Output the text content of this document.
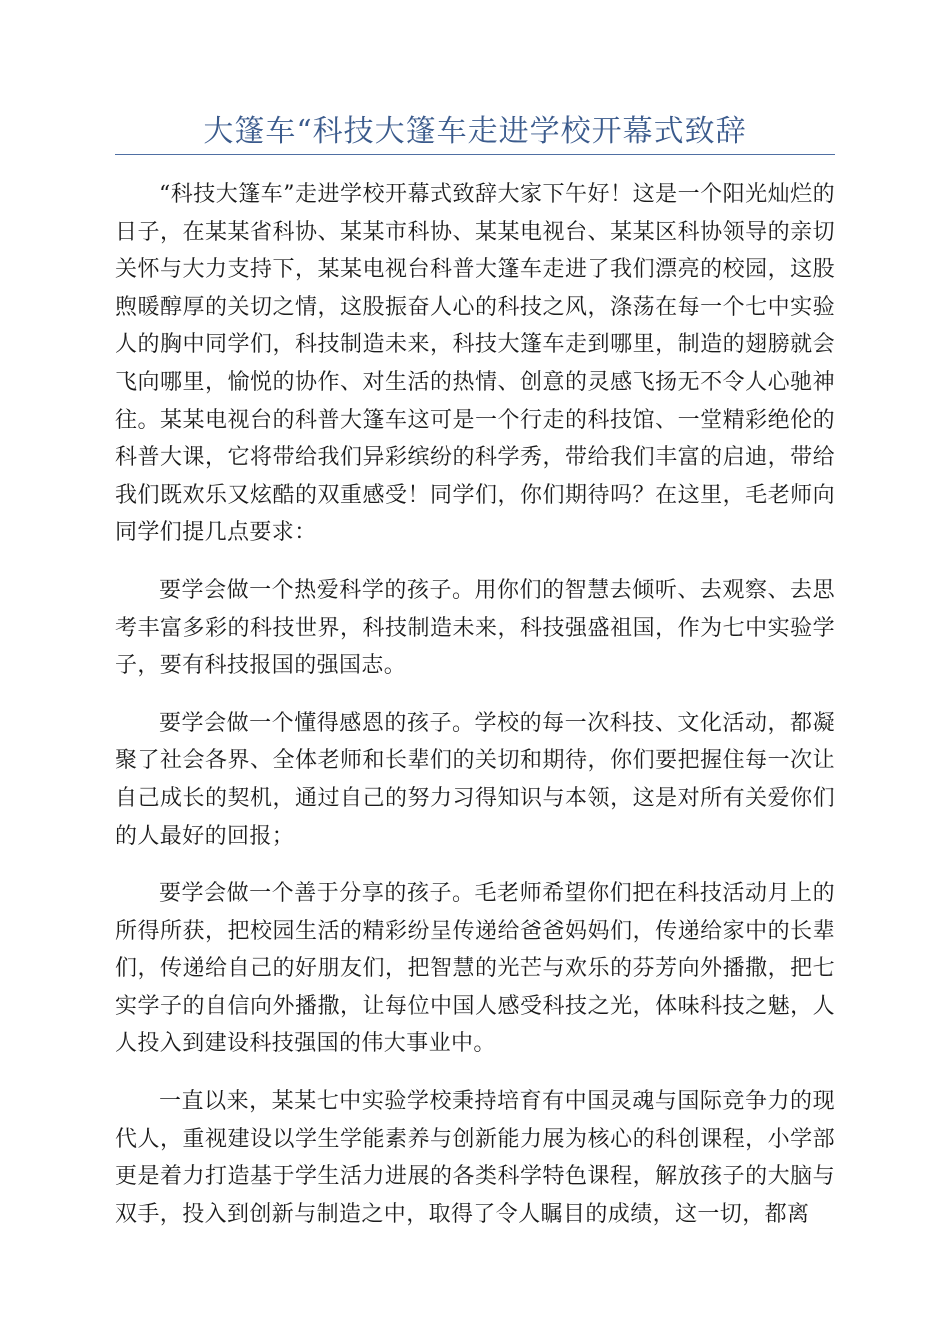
大篷车“科技大篷车走进学校开幕式致辞

“科技大篷车”走进学校开幕式致辞大家下午好！这是一个阳光灿烂的日子，在某某省科协、某某市科协、某某电视台、某某区科协领导的亲切关怀与大力支持下，某某电视台科普大篷车走进了我们漂亮的校园，这股煦暖醇厚的关切之情，这股振奋人心的科技之风，涤荡在每一个七中实验人的胸中同学们，科技制造未来，科技大篷车走到哪里，制造的翅膀就会飞向哪里，愉悦的协作、对生活的热情、创意的灵感飞扬无不令人心驰神往。某某电视台的科普大篷车这可是一个行走的科技馆、一堂精彩绝伦的科普大课，它将带给我们异彩缤纷的科学秀，带给我们丰富的启迪，带给我们既欢乐又炫酷的双重感受！同学们，你们期待吗？在这里，毛老师向同学们提几点要求：

要学会做一个热爱科学的孩子。用你们的智慧去倾听、去观察、去思考丰富多彩的科技世界，科技制造未来，科技强盛祖国，作为七中实验学子，要有科技报国的强国志。

要学会做一个懂得感恩的孩子。学校的每一次科技、文化活动，都凝聚了社会各界、全体老师和长辈们的关切和期待，你们要把握住每一次让自己成长的契机，通过自己的努力习得知识与本领，这是对所有关爱你们的人最好的回报；

要学会做一个善于分享的孩子。毛老师希望你们把在科技活动月上的所得所获，把校园生活的精彩纷呈传递给爸爸妈妈们，传递给家中的长辈们，传递给自己的好朋友们，把智慧的光芒与欢乐的芬芳向外播撒，把七实学子的自信向外播撒，让每位中国人感受科技之光，体味科技之魅，人人投入到建设科技强国的伟大事业中。

一直以来，某某七中实验学校秉持培育有中国灵魂与国际竞争力的现代人，重视建设以学生学能素养与创新能力展为核心的科创课程，小学部更是着力打造基于学生活力进展的各类科学特色课程，解放孩子的大脑与双手，投入到创新与制造之中，取得了令人瞩目的成绩，这一切，都离
